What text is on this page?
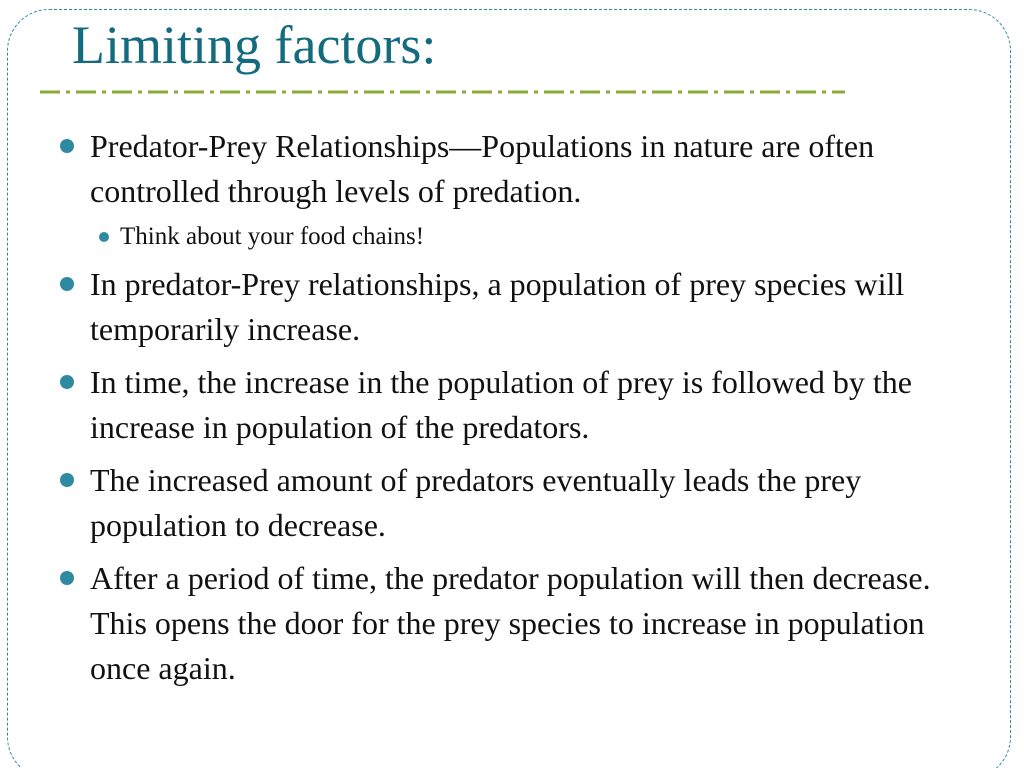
Limiting factors:
Predator-Prey Relationships—Populations in nature are often controlled through levels of predation.
Think about your food chains!
In predator-Prey relationships, a population of prey species will temporarily increase.
In time, the increase in the population of prey is followed by the increase in population of the predators.
The increased amount of predators eventually leads the prey population to decrease.
After a period of time, the predator population will then decrease. This opens the door for the prey species to increase in population once again.
